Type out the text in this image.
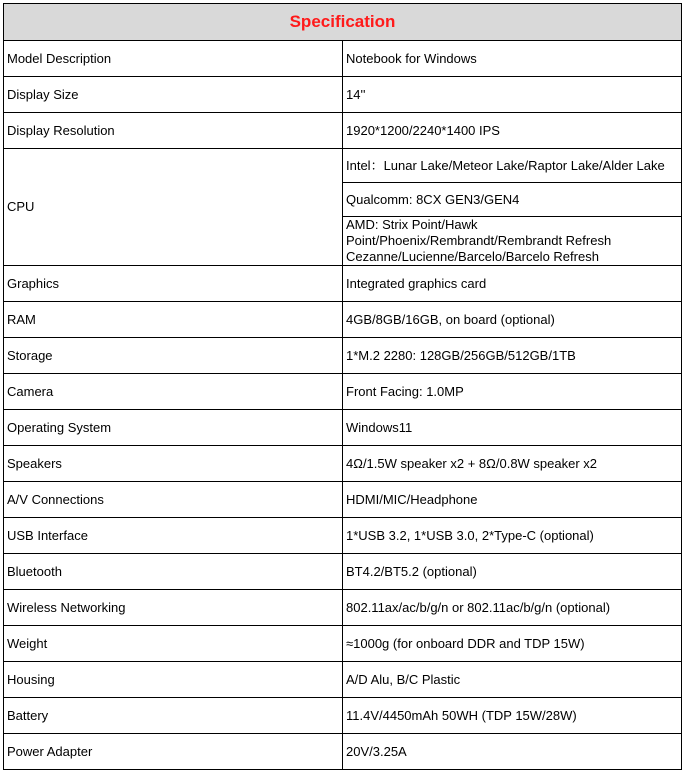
Specification	
Model Description	Notebook for Windows
Display Size	14''
Display Resolution	1920*1200/2240*1400 IPS
CPU	Intel：Lunar Lake/Meteor Lake/Raptor Lake/Alder Lake
	Qualcomm: 8CX GEN3/GEN4

	AMD: Strix Point/Hawk Point/Phoenix/Rembrandt/Rembrandt Refresh
Cezanne/Lucienne/Barcelo/Barcelo Refresh

Graphics	Integrated graphics card
RAM	4GB/8GB/16GB, on board (optional)
Storage	1*M.2 2280: 128GB/256GB/512GB/1TB
Camera	Front Facing: 1.0MP
Operating System	Windows11
Speakers	4Ω/1.5W speaker x2 + 8Ω/0.8W speaker x2
A/V Connections	HDMI/MIC/Headphone
USB Interface	1*USB 3.2, 1*USB 3.0, 2*Type-C (optional)
Bluetooth	BT4.2/BT5.2 (optional)
Wireless Networking	802.11ax/ac/b/g/n or 802.11ac/b/g/n (optional)
Weight	≈1000g (for onboard DDR and TDP 15W)
Housing	A/D Alu, B/C Plastic
Battery	11.4V/4450mAh 50WH (TDP 15W/28W)
Power Adapter	20V/3.25A
